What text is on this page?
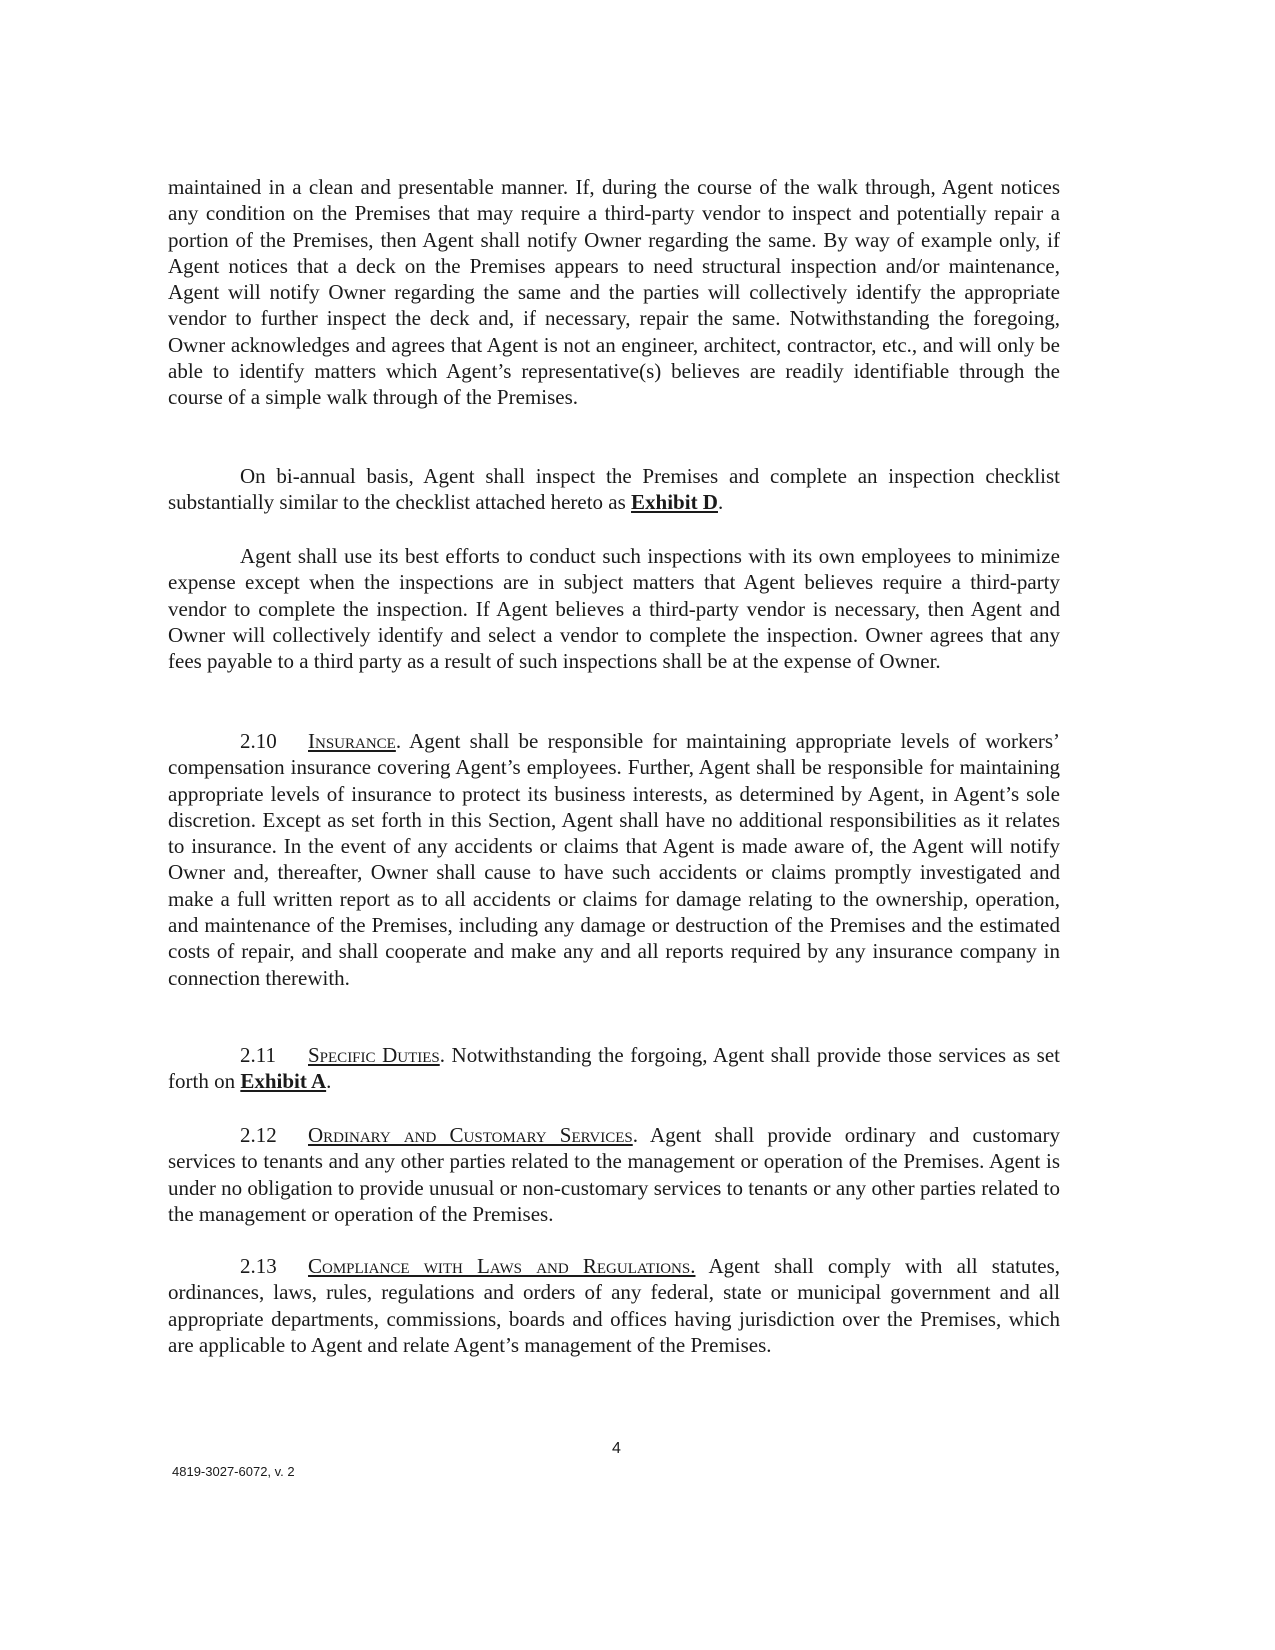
maintained in a clean and presentable manner. If, during the course of the walk through, Agent notices any condition on the Premises that may require a third-party vendor to inspect and potentially repair a portion of the Premises, then Agent shall notify Owner regarding the same. By way of example only, if Agent notices that a deck on the Premises appears to need structural inspection and/or maintenance, Agent will notify Owner regarding the same and the parties will collectively identify the appropriate vendor to further inspect the deck and, if necessary, repair the same. Notwithstanding the foregoing, Owner acknowledges and agrees that Agent is not an engineer, architect, contractor, etc., and will only be able to identify matters which Agent’s representative(s) believes are readily identifiable through the course of a simple walk through of the Premises.

On bi-annual basis, Agent shall inspect the Premises and complete an inspection checklist substantially similar to the checklist attached hereto as Exhibit D.

Agent shall use its best efforts to conduct such inspections with its own employees to minimize expense except when the inspections are in subject matters that Agent believes require a third-party vendor to complete the inspection. If Agent believes a third-party vendor is necessary, then Agent and Owner will collectively identify and select a vendor to complete the inspection. Owner agrees that any fees payable to a third party as a result of such inspections shall be at the expense of Owner.

2.10 Insurance. Agent shall be responsible for maintaining appropriate levels of workers’ compensation insurance covering Agent’s employees. Further, Agent shall be responsible for maintaining appropriate levels of insurance to protect its business interests, as determined by Agent, in Agent’s sole discretion. Except as set forth in this Section, Agent shall have no additional responsibilities as it relates to insurance. In the event of any accidents or claims that Agent is made aware of, the Agent will notify Owner and, thereafter, Owner shall cause to have such accidents or claims promptly investigated and make a full written report as to all accidents or claims for damage relating to the ownership, operation, and maintenance of the Premises, including any damage or destruction of the Premises and the estimated costs of repair, and shall cooperate and make any and all reports required by any insurance company in connection therewith.

2.11 Specific Duties. Notwithstanding the forgoing, Agent shall provide those services as set forth on Exhibit A.

2.12 Ordinary and Customary Services. Agent shall provide ordinary and customary services to tenants and any other parties related to the management or operation of the Premises. Agent is under no obligation to provide unusual or non-customary services to tenants or any other parties related to the management or operation of the Premises.

2.13 Compliance with Laws and Regulations. Agent shall comply with all statutes, ordinances, laws, rules, regulations and orders of any federal, state or municipal government and all appropriate departments, commissions, boards and offices having jurisdiction over the Premises, which are applicable to Agent and relate Agent’s management of the Premises.

4
4819-3027-6072, v. 2
